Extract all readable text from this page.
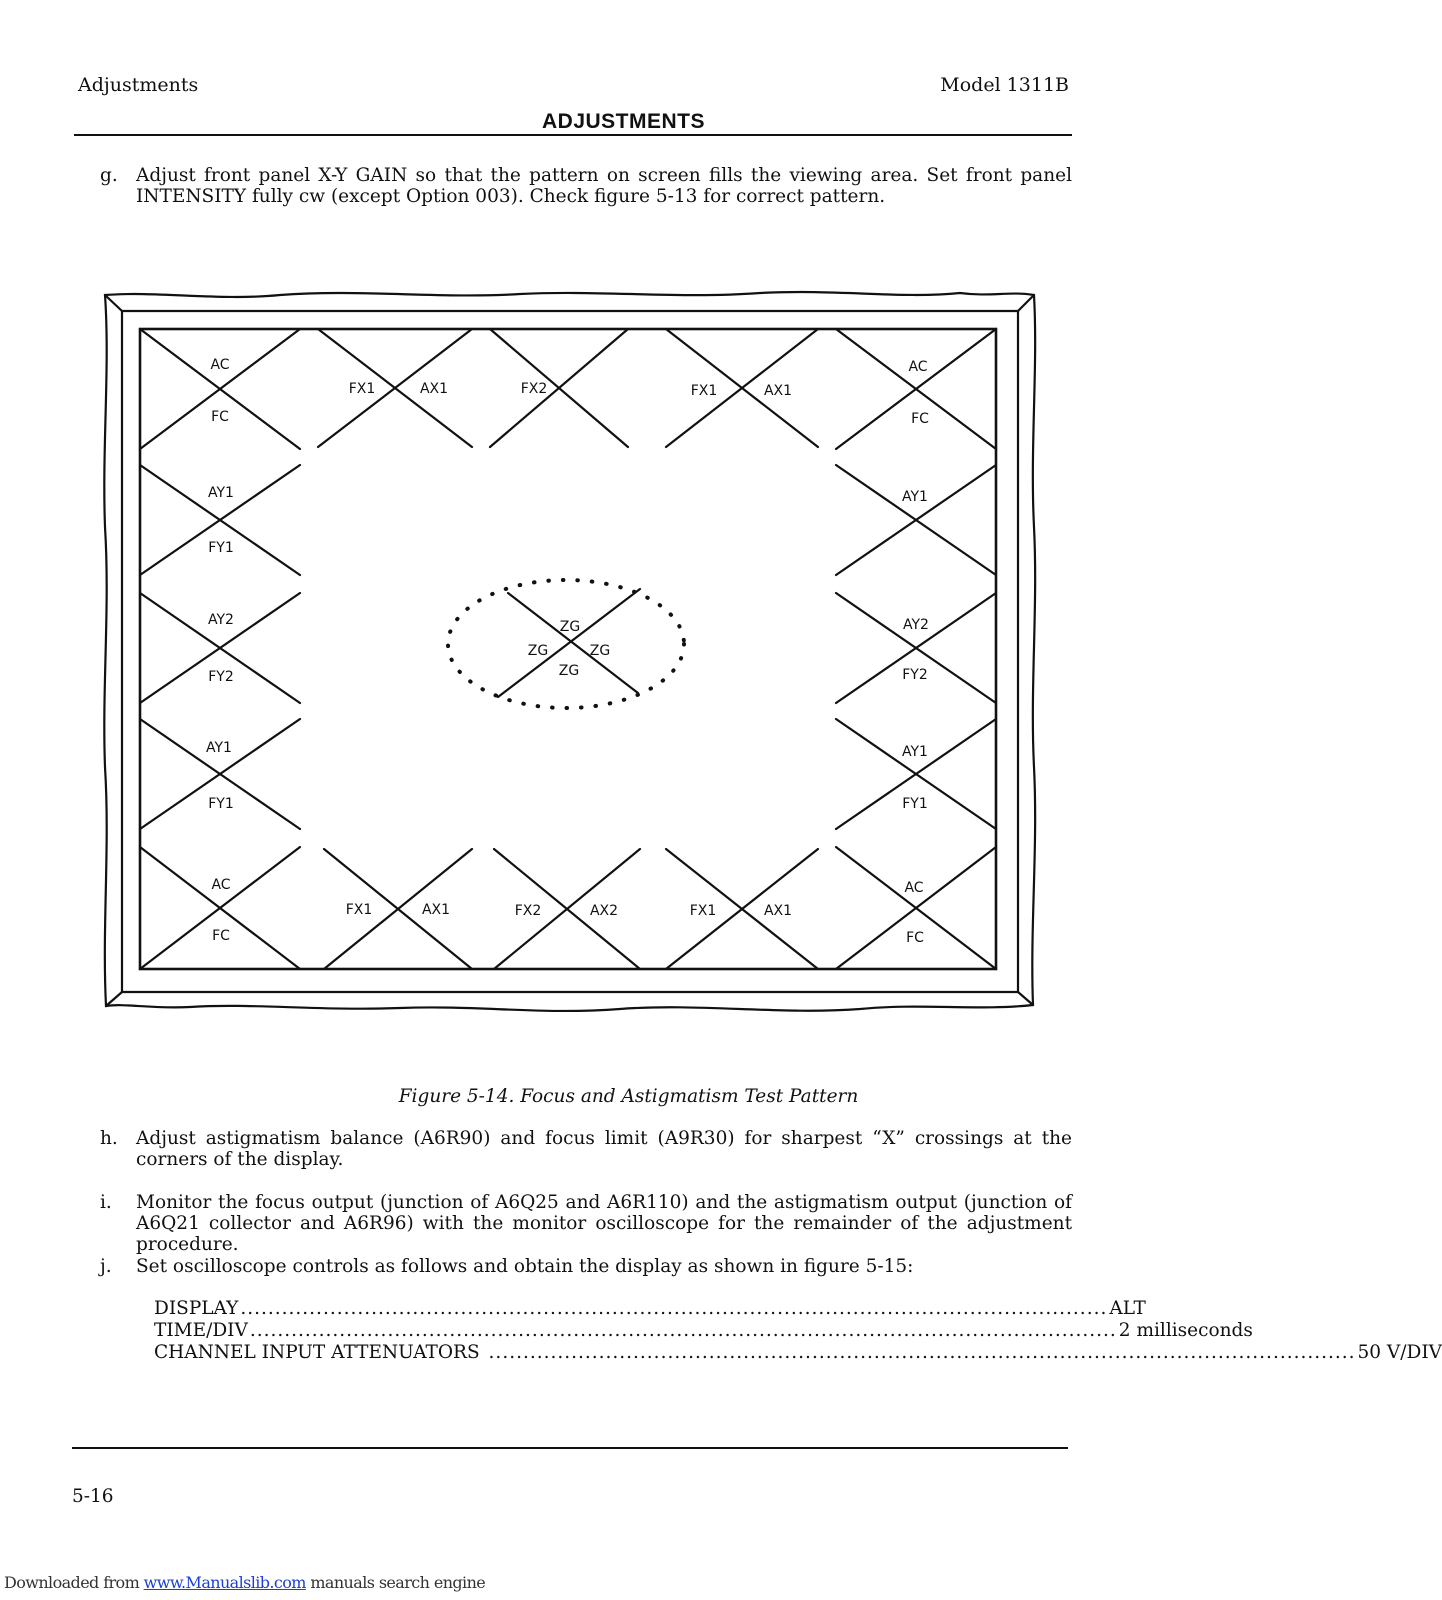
Adjustments	Model 1311B
ADJUSTMENTS
g. Adjust front panel X-Y GAIN so that the pattern on screen fills the viewing area. Set front panel INTENSITY fully cw (except Option 003). Check figure 5-13 for correct pattern.
AC
FC
FX1	AX1	FX2	FX1	AX1
AC
FC
AY1
FY1
AY2
FY2
AY1
FY1
AY1
AY2
FY2
AY1
FY1
AC
FC
FX1	AX1	FX2	AX2	FX1	AX1
AC
FC
ZG
ZG	ZG
ZG
Figure 5-14. Focus and Astigmatism Test Pattern
h. Adjust astigmatism balance (A6R90) and focus limit (A9R30) for sharpest “X” crossings at the corners of the display.
i.	Monitor the focus output (junction of A6Q25 and A6R110) and the astigmatism output (junction of A6Q21 collector and A6R96) with the monitor oscilloscope for the remainder of the adjustment procedure.
j.	Set oscilloscope controls as follows and obtain the display as shown in figure 5-15:
DISPLAY .............................................................................................................................. ALT
TIME/DIV .............................................................................................................................. 2 milliseconds
CHANNEL INPUT ATTENUATORS .............................................................................................................................. 50 V/DIV
5-16
Downloaded from www.Manualslib.com manuals search engine
